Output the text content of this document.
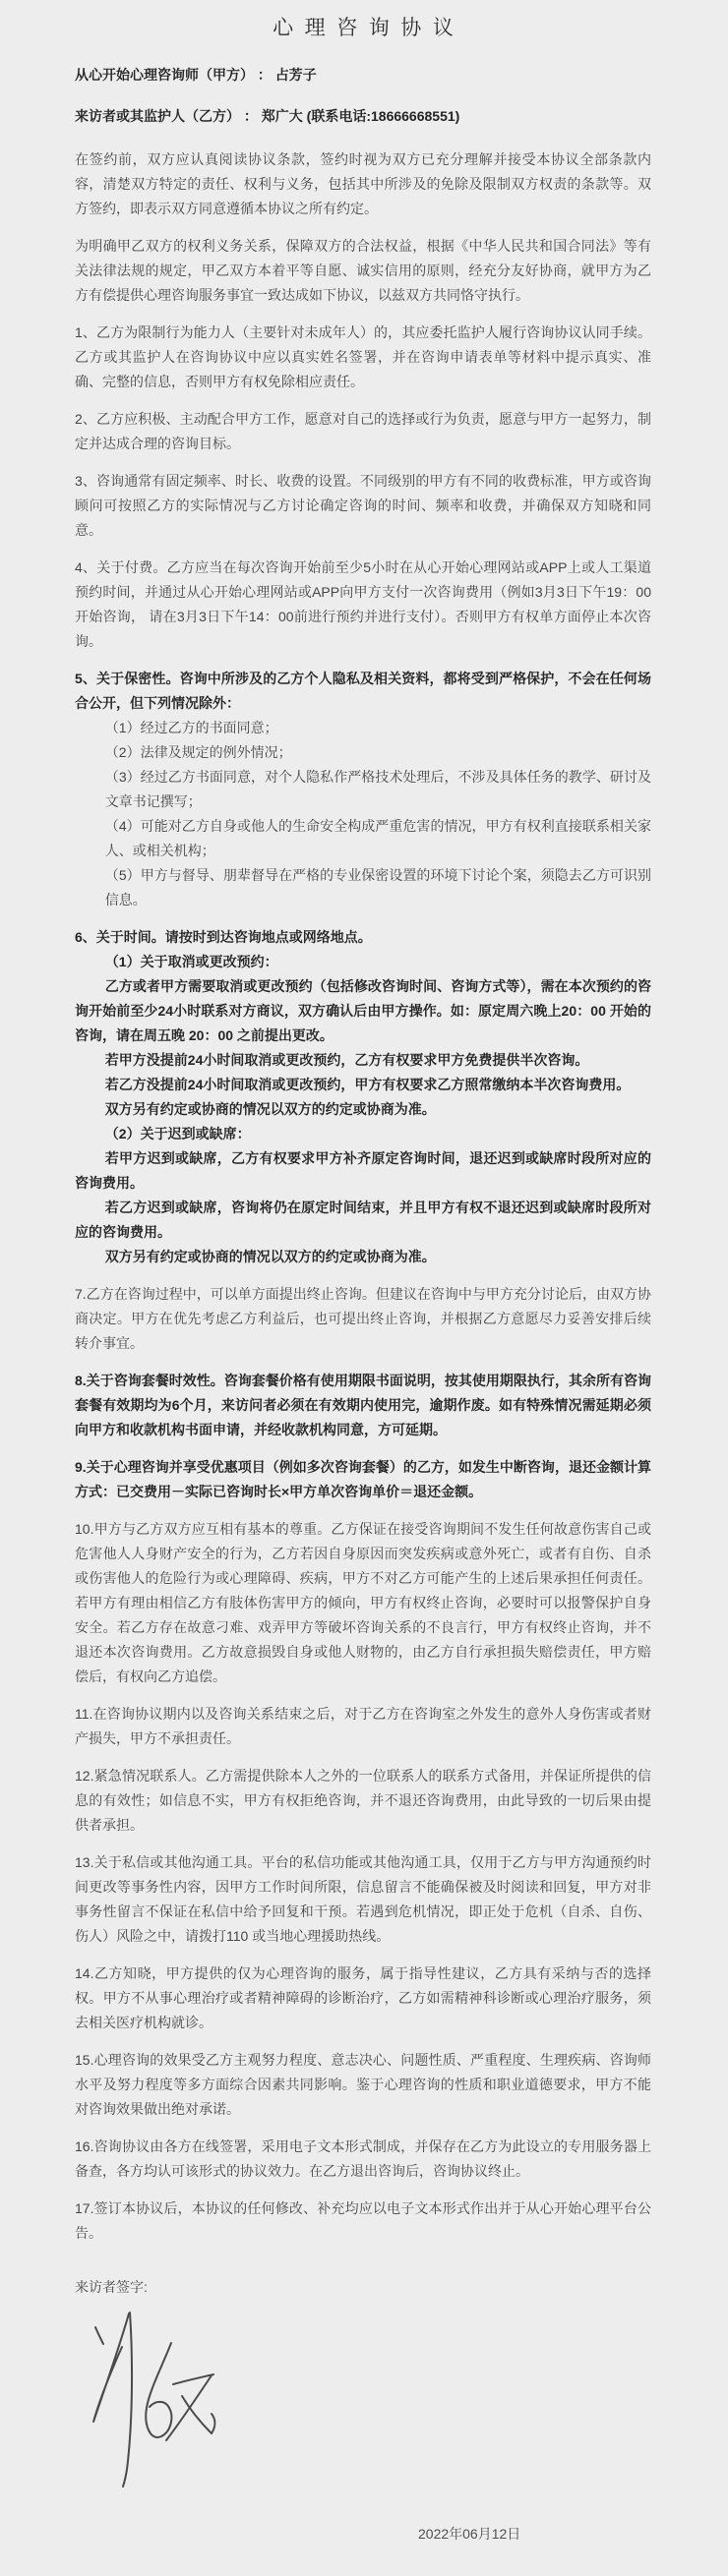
心理咨询协议

从心开始心理咨询师（甲方） ： 占芳子

来访者或其监护人（乙方） ： 郑广大 (联系电话:18666668551)

在签约前，双方应认真阅读协议条款，签约时视为双方已充分理解并接受本协议全部条款内容，清楚双方特定的责任、权利与义务，包括其中所涉及的免除及限制双方权责的条款等。双方签约，即表示双方同意遵循本协议之所有约定。

为明确甲乙双方的权利义务关系，保障双方的合法权益，根据《中华人民共和国合同法》等有关法律法规的规定，甲乙双方本着平等自愿、诚实信用的原则，经充分友好协商，就甲方为乙方有偿提供心理咨询服务事宜一致达成如下协议，以兹双方共同恪守执行。

1、乙方为限制行为能力人（主要针对未成年人）的，其应委托监护人履行咨询协议认同手续。乙方或其监护人在咨询协议中应以真实姓名签署，并在咨询申请表单等材料中提示真实、准确、完整的信息，否则甲方有权免除相应责任。

2、乙方应积极、主动配合甲方工作，愿意对自己的选择或行为负责，愿意与甲方一起努力，制定并达成合理的咨询目标。

3、咨询通常有固定频率、时长、收费的设置。不同级别的甲方有不同的收费标准，甲方或咨询顾问可按照乙方的实际情况与乙方讨论确定咨询的时间、频率和收费，并确保双方知晓和同意。

4、关于付费。乙方应当在每次咨询开始前至少5小时在从心开始心理网站或APP上或人工渠道预约时间，并通过从心开始心理网站或APP向甲方支付一次咨询费用（例如3月3日下午19：00开始咨询， 请在3月3日下午14：00前进行预约并进行支付）。否则甲方有权单方面停止本次咨询。

5、关于保密性。咨询中所涉及的乙方个人隐私及相关资料，都将受到严格保护，不会在任何场合公开，但下列情况除外：

（1）经过乙方的书面同意；

（2）法律及规定的例外情况；

（3）经过乙方书面同意，对个人隐私作严格技术处理后，不涉及具体任务的教学、研讨及文章书记撰写；

（4）可能对乙方自身或他人的生命安全构成严重危害的情况，甲方有权利直接联系相关家人、或相关机构；

（5）甲方与督导、朋辈督导在严格的专业保密设置的环境下讨论个案，须隐去乙方可识别信息。

6、关于时间。请按时到达咨询地点或网络地点。

（1）关于取消或更改预约：

乙方或者甲方需要取消或更改预约（包括修改咨询时间、咨询方式等），需在本次预约的咨询开始前至少24小时联系对方商议，双方确认后由甲方操作。如：原定周六晚上20：00 开始的咨询，请在周五晚 20：00 之前提出更改。

若甲方没提前24小时间取消或更改预约，乙方有权要求甲方免费提供半次咨询。

若乙方没提前24小时间取消或更改预约，甲方有权要求乙方照常缴纳本半次咨询费用。

双方另有约定或协商的情况以双方的约定或协商为准。

（2）关于迟到或缺席：

若甲方迟到或缺席，乙方有权要求甲方补齐原定咨询时间，退还迟到或缺席时段所对应的咨询费用。

若乙方迟到或缺席，咨询将仍在原定时间结束，并且甲方有权不退还迟到或缺席时段所对应的咨询费用。

双方另有约定或协商的情况以双方的约定或协商为准。

7.乙方在咨询过程中，可以单方面提出终止咨询。但建议在咨询中与甲方充分讨论后，由双方协商决定。甲方在优先考虑乙方利益后，也可提出终止咨询，并根据乙方意愿尽力妥善安排后续转介事宜。

8.关于咨询套餐时效性。咨询套餐价格有使用期限书面说明，按其使用期限执行，其余所有咨询套餐有效期均为6个月，来访问者必须在有效期内使用完，逾期作废。如有特殊情况需延期必须向甲方和收款机构书面申请，并经收款机构同意，方可延期。

9.关于心理咨询并享受优惠项目（例如多次咨询套餐）的乙方，如发生中断咨询，退还金额计算方式：已交费用－实际已咨询时长×甲方单次咨询单价＝退还金额。

10.甲方与乙方双方应互相有基本的尊重。乙方保证在接受咨询期间不发生任何故意伤害自己或危害他人人身财产安全的行为，乙方若因自身原因而突发疾病或意外死亡，或者有自伤、自杀或伤害他人的危险行为或心理障碍、疾病，甲方不对乙方可能产生的上述后果承担任何责任。若甲方有理由相信乙方有肢体伤害甲方的倾向，甲方有权终止咨询，必要时可以报警保护自身安全。若乙方存在故意刁难、戏弄甲方等破坏咨询关系的不良言行，甲方有权终止咨询，并不退还本次咨询费用。乙方故意损毁自身或他人财物的，由乙方自行承担损失赔偿责任，甲方赔偿后，有权向乙方追偿。

11.在咨询协议期内以及咨询关系结束之后，对于乙方在咨询室之外发生的意外人身伤害或者财产损失，甲方不承担责任。

12.紧急情况联系人。乙方需提供除本人之外的一位联系人的联系方式备用，并保证所提供的信息的有效性；如信息不实，甲方有权拒绝咨询，并不退还咨询费用，由此导致的一切后果由提供者承担。

13.关于私信或其他沟通工具。平台的私信功能或其他沟通工具，仅用于乙方与甲方沟通预约时间更改等事务性内容，因甲方工作时间所限，信息留言不能确保被及时阅读和回复，甲方对非事务性留言不保证在私信中给予回复和干预。若遇到危机情况，即正处于危机（自杀、自伤、伤人）风险之中，请拨打110 或当地心理援助热线。

14.乙方知晓，甲方提供的仅为心理咨询的服务，属于指导性建议，乙方具有采纳与否的选择权。甲方不从事心理治疗或者精神障碍的诊断治疗，乙方如需精神科诊断或心理治疗服务，须去相关医疗机构就诊。

15.心理咨询的效果受乙方主观努力程度、意志决心、问题性质、严重程度、生理疾病、咨询师水平及努力程度等多方面综合因素共同影响。鉴于心理咨询的性质和职业道德要求，甲方不能对咨询效果做出绝对承诺。

16.咨询协议由各方在线签署，采用电子文本形式制成，并保存在乙方为此设立的专用服务器上备查，各方均认可该形式的协议效力。在乙方退出咨询后，咨询协议终止。

17.签订本协议后，本协议的任何修改、补充均应以电子文本形式作出并于从心开始心理平台公告。

来访者签字:

2022年06月12日
